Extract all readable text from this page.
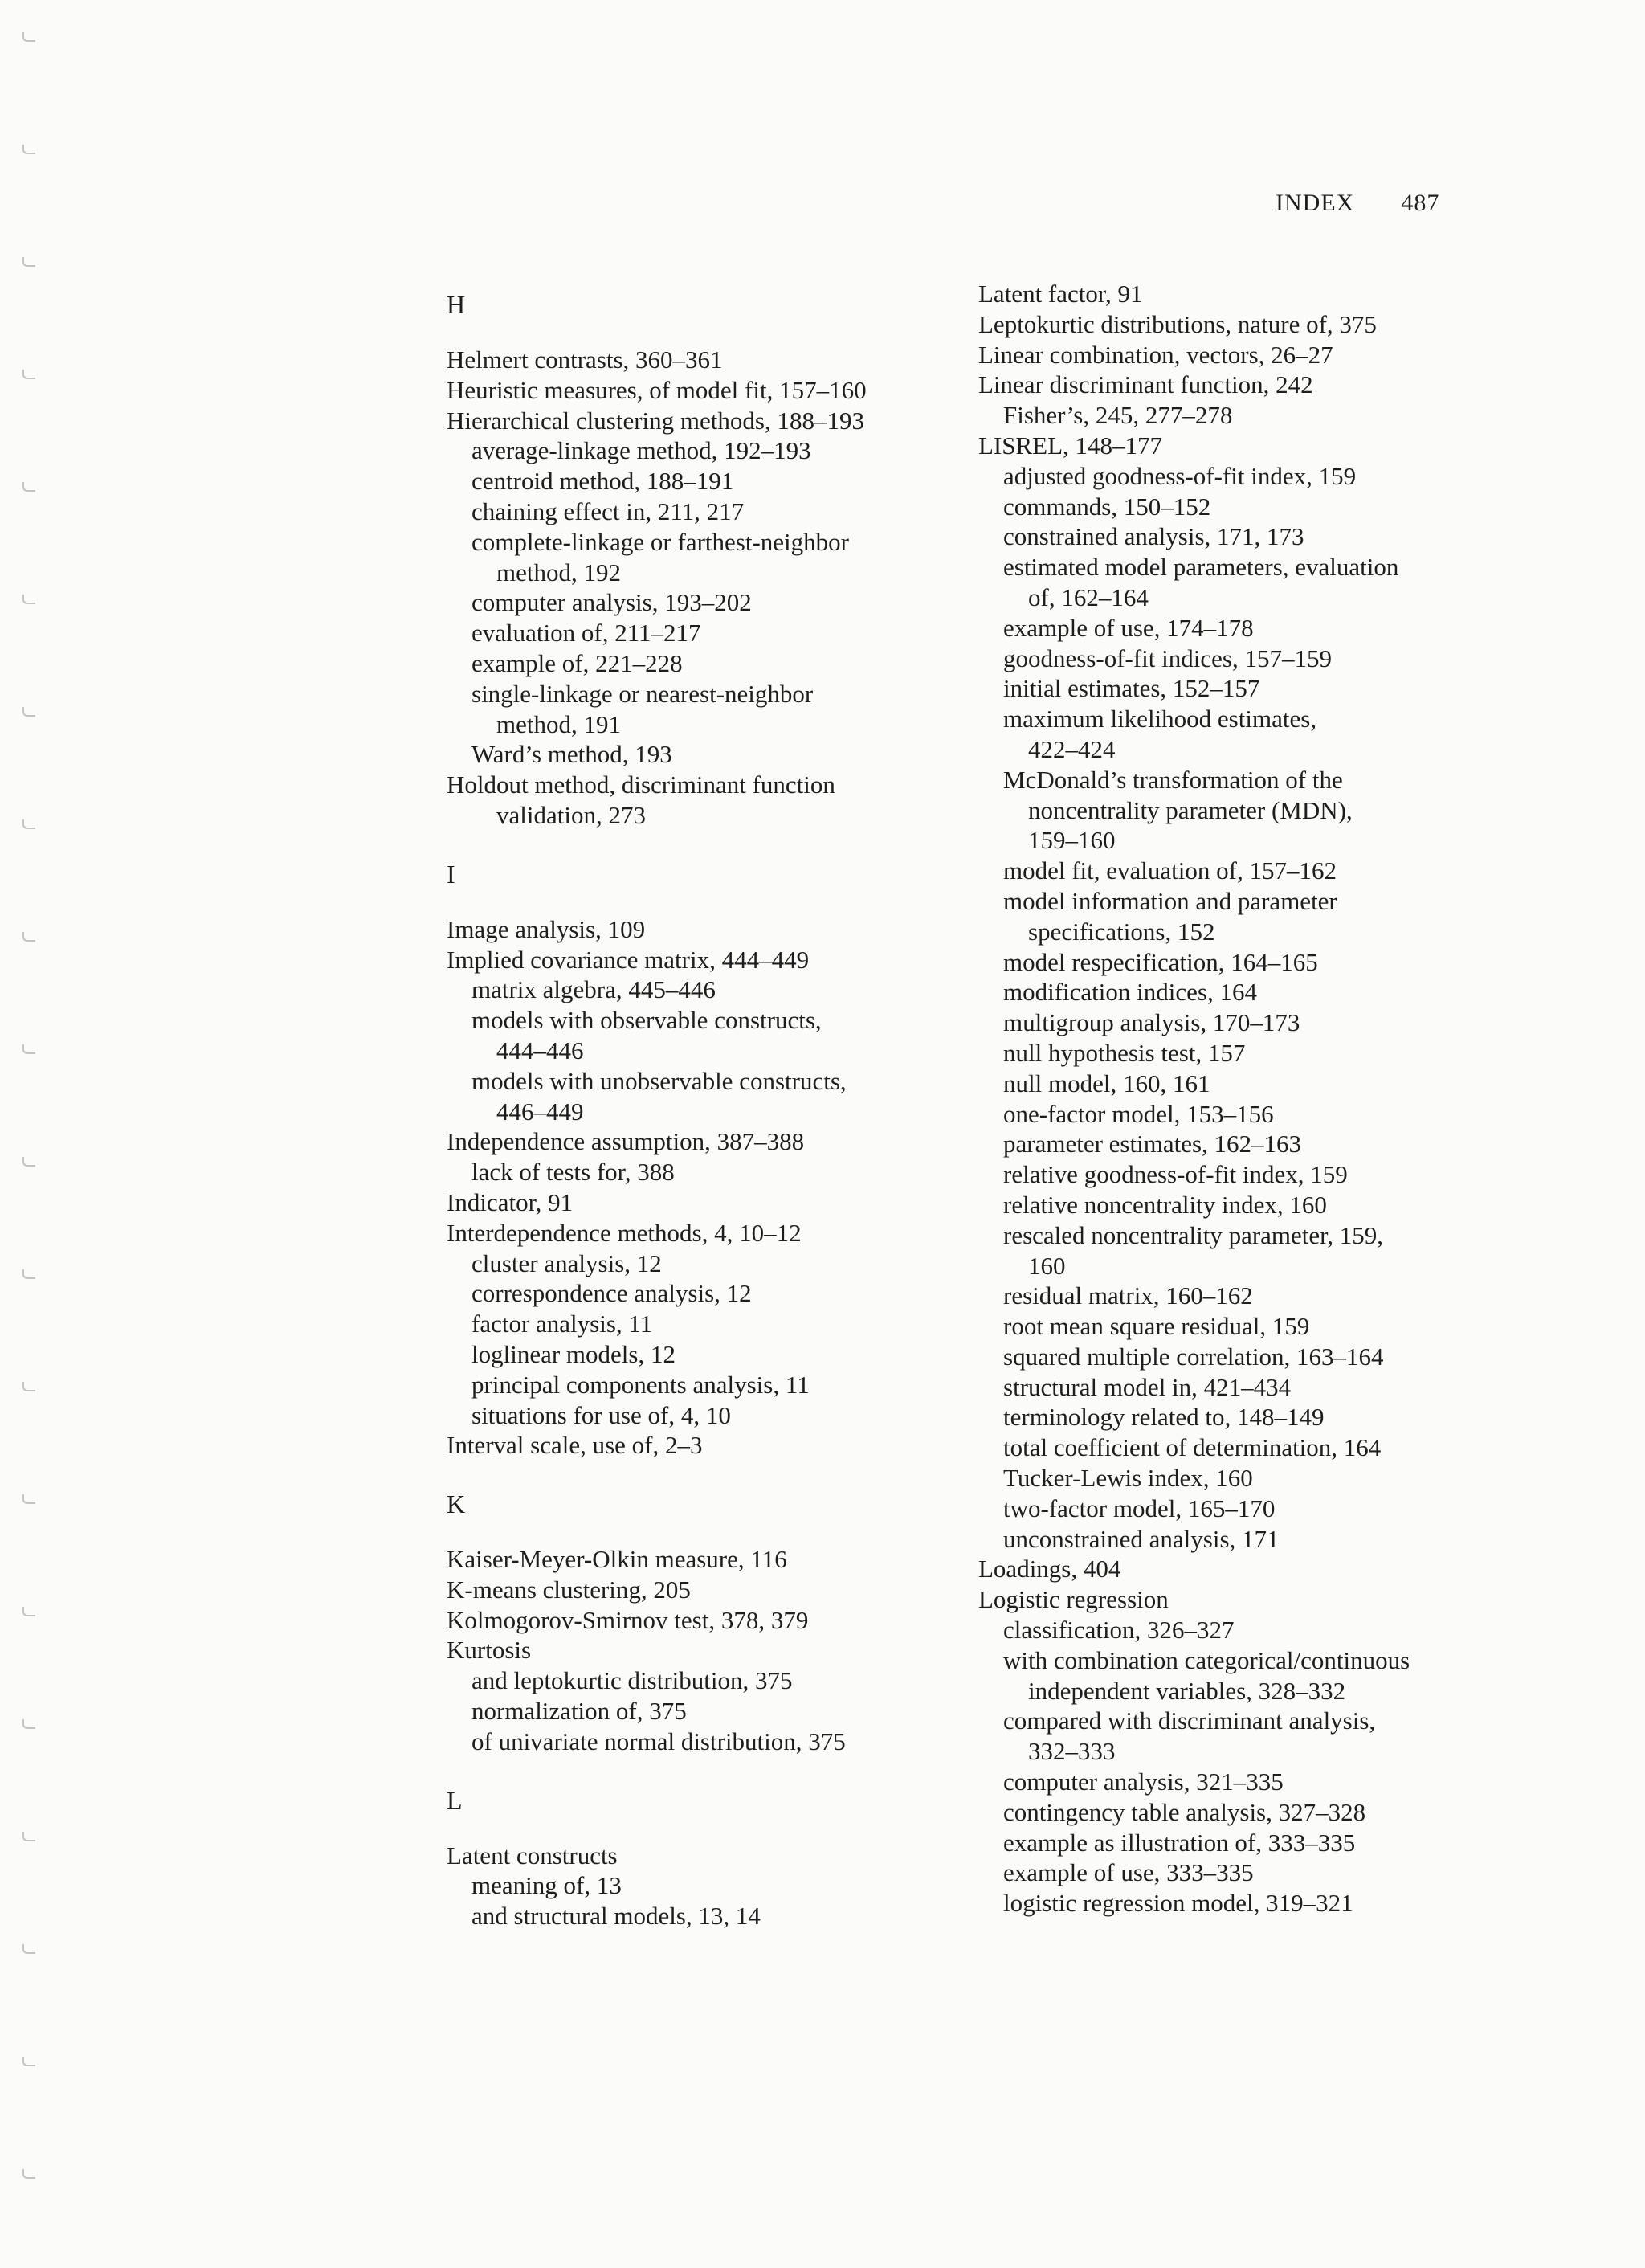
INDEX 487
H
Helmert contrasts, 360–361
Heuristic measures, of model fit, 157–160
Hierarchical clustering methods, 188–193
average-linkage method, 192–193
centroid method, 188–191
chaining effect in, 211, 217
complete-linkage or farthest-neighbor
method, 192
computer analysis, 193–202
evaluation of, 211–217
example of, 221–228
single-linkage or nearest-neighbor
method, 191
Ward’s method, 193
Holdout method, discriminant function
validation, 273
I
Image analysis, 109
Implied covariance matrix, 444–449
matrix algebra, 445–446
models with observable constructs,
444–446
models with unobservable constructs,
446–449
Independence assumption, 387–388
lack of tests for, 388
Indicator, 91
Interdependence methods, 4, 10–12
cluster analysis, 12
correspondence analysis, 12
factor analysis, 11
loglinear models, 12
principal components analysis, 11
situations for use of, 4, 10
Interval scale, use of, 2–3
K
Kaiser-Meyer-Olkin measure, 116
K-means clustering, 205
Kolmogorov-Smirnov test, 378, 379
Kurtosis
and leptokurtic distribution, 375
normalization of, 375
of univariate normal distribution, 375
L
Latent constructs
meaning of, 13
and structural models, 13, 14
Latent factor, 91
Leptokurtic distributions, nature of, 375
Linear combination, vectors, 26–27
Linear discriminant function, 242
Fisher’s, 245, 277–278
LISREL, 148–177
adjusted goodness-of-fit index, 159
commands, 150–152
constrained analysis, 171, 173
estimated model parameters, evaluation
of, 162–164
example of use, 174–178
goodness-of-fit indices, 157–159
initial estimates, 152–157
maximum likelihood estimates,
422–424
McDonald’s transformation of the
noncentrality parameter (MDN),
159–160
model fit, evaluation of, 157–162
model information and parameter
specifications, 152
model respecification, 164–165
modification indices, 164
multigroup analysis, 170–173
null hypothesis test, 157
null model, 160, 161
one-factor model, 153–156
parameter estimates, 162–163
relative goodness-of-fit index, 159
relative noncentrality index, 160
rescaled noncentrality parameter, 159,
160
residual matrix, 160–162
root mean square residual, 159
squared multiple correlation, 163–164
structural model in, 421–434
terminology related to, 148–149
total coefficient of determination, 164
Tucker-Lewis index, 160
two-factor model, 165–170
unconstrained analysis, 171
Loadings, 404
Logistic regression
classification, 326–327
with combination categorical/continuous
independent variables, 328–332
compared with discriminant analysis,
332–333
computer analysis, 321–335
contingency table analysis, 327–328
example as illustration of, 333–335
example of use, 333–335
logistic regression model, 319–321
